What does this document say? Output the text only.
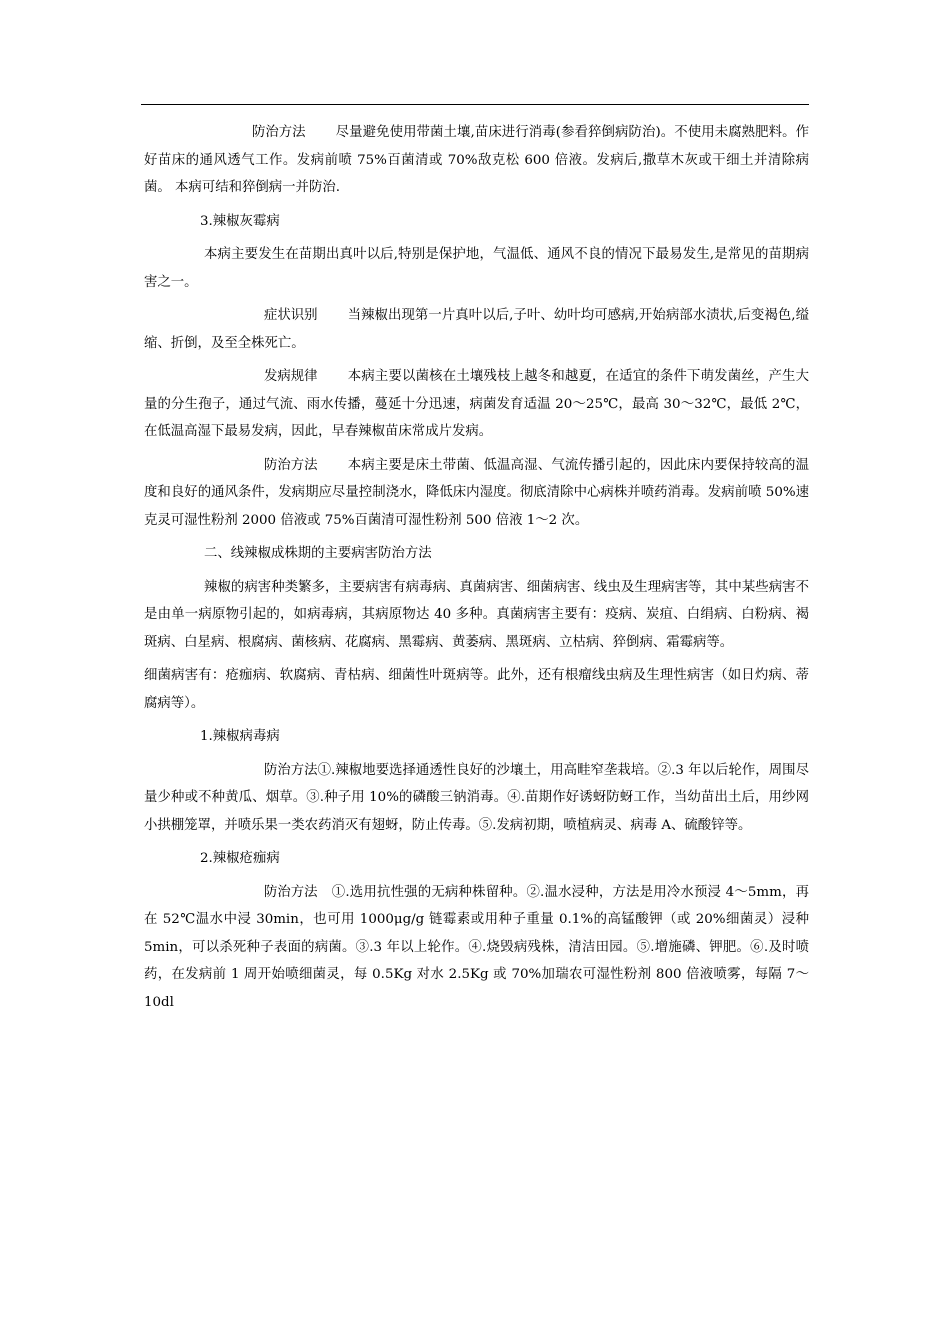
防治方法 尽量避免使用带菌土壤,苗床进行消毒(参看猝倒病防治)。不使用未腐熟肥料。作好苗床的通风透气工作。发病前喷 75%百菌清或 70%敌克松 600 倍液。发病后,撒草木灰或干细土并清除病菌。 本病可结和猝倒病一并防治.

3.辣椒灰霉病

本病主要发生在苗期出真叶以后,特别是保护地，气温低、通风不良的情况下最易发生,是常见的苗期病害之一。

症状识别 当辣椒出现第一片真叶以后,子叶、幼叶均可感病,开始病部水渍状,后变褐色,缢缩、折倒，及至全株死亡。

发病规律 本病主要以菌核在土壤残枝上越冬和越夏，在适宜的条件下萌发菌丝，产生大量的分生孢子，通过气流、雨水传播，蔓延十分迅速，病菌发育适温 20～25℃，最高 30～32℃，最低 2℃，在低温高湿下最易发病，因此，早春辣椒苗床常成片发病。

防治方法 本病主要是床土带菌、低温高湿、气流传播引起的，因此床内要保持较高的温度和良好的通风条件，发病期应尽量控制浇水，降低床内湿度。彻底清除中心病株并喷药消毒。发病前喷 50%速克灵可湿性粉剂 2000 倍液或 75%百菌清可湿性粉剂 500 倍液 1～2 次。

二、线辣椒成株期的主要病害防治方法

辣椒的病害种类繁多，主要病害有病毒病、真菌病害、细菌病害、线虫及生理病害等，其中某些病害不是由单一病原物引起的，如病毒病，其病原物达 40 多种。真菌病害主要有：疫病、炭疽、白绢病、白粉病、褐斑病、白星病、根腐病、菌核病、花腐病、黑霉病、黄萎病、黑斑病、立枯病、猝倒病、霜霉病等。

细菌病害有：疮痂病、软腐病、青枯病、细菌性叶斑病等。此外，还有根瘤线虫病及生理性病害（如日灼病、蒂腐病等）。

1.辣椒病毒病

防治方法①.辣椒地要选择通透性良好的沙壤土，用高畦窄垄栽培。②.3 年以后轮作，周围尽量少种或不种黄瓜、烟草。③.种子用 10%的磷酸三钠消毒。④.苗期作好诱蚜防蚜工作，当幼苗出土后，用纱网小拱棚笼罩，并喷乐果一类农药消灭有翅蚜，防止传毒。⑤.发病初期，喷植病灵、病毒 A、硫酸锌等。

2.辣椒疮痂病

防治方法 ①.选用抗性强的无病种株留种。②.温水浸种，方法是用冷水预浸 4～5mm，再在 52℃温水中浸 30min，也可用 1000μg/g 链霉素或用种子重量 0.1%的高锰酸钾（或 20%细菌灵）浸种 5min，可以杀死种子表面的病菌。③.3 年以上轮作。④.烧毁病残株，清洁田园。⑤.增施磷、钾肥。⑥.及时喷药，在发病前 1 周开始喷细菌灵，每 0.5Kg 对水 2.5Kg 或 70%加瑞农可湿性粉剂 800 倍液喷雾，每隔 7～10dl
